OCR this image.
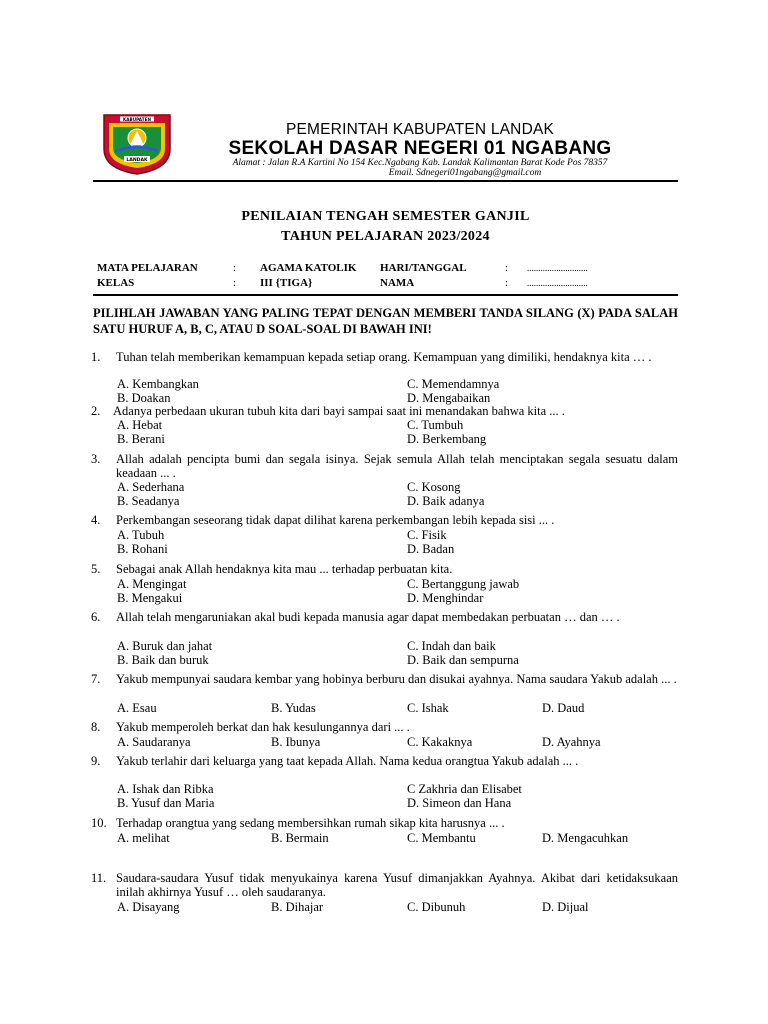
KABUPATEN
LANDAK
PEMERINTAH KABUPATEN LANDAK
SEKOLAH DASAR NEGERI 01 NGABANG
Alamat : Jalan R.A Kartini No 154 Kec.Ngabang Kab. Landak Kalimantan Barat Kode Pos 78357
Email. Sdnegeri01ngabang@gmail.com
PENILAIAN TENGAH SEMESTER GANJIL
TAHUN PELAJARAN 2023/2024
MATA PELAJARAN	: AGAMA KATOLIK HARI/TANGGAL	: ...........................
KELAS	: III {TIGA}	NAMA	: ...........................
PILIHLAH JAWABAN YANG PALING TEPAT DENGAN MEMBERI TANDA SILANG (X) PADA SALAH SATU HURUF A, B, C, ATAU D SOAL-SOAL DI BAWAH INI!
1. Tuhan telah memberikan kemampuan kepada setiap orang. Kemampuan yang dimiliki, hendaknya kita … .
A. Kembangkan	C. Memendamnya
B. Doakan	D. Mengabaikan
2. Adanya perbedaan ukuran tubuh kita dari bayi sampai saat ini menandakan bahwa kita ... .
A. Hebat	C. Tumbuh
B. Berani	D. Berkembang
3. Allah adalah pencipta bumi dan segala isinya. Sejak semula Allah telah menciptakan segala sesuatu dalam keadaan ... .
A. Sederhana	C. Kosong
B. Seadanya	D. Baik adanya
4. Perkembangan seseorang tidak dapat dilihat karena perkembangan lebih kepada sisi ... .
A. Tubuh	C. Fisik
B. Rohani	D. Badan
5. Sebagai anak Allah hendaknya kita mau ... terhadap perbuatan kita.
A. Mengingat	C. Bertanggung jawab
B. Mengakui	D. Menghindar
6. Allah telah mengaruniakan akal budi kepada manusia agar dapat membedakan perbuatan … dan … .
A. Buruk dan jahat	C. Indah dan baik
B. Baik dan buruk	D. Baik dan sempurna
7. Yakub mempunyai saudara kembar yang hobinya berburu dan disukai ayahnya. Nama saudara Yakub adalah ... .
A. Esau	B. Yudas	C. Ishak	D. Daud
8. Yakub memperoleh berkat dan hak kesulungannya dari ... .
A. Saudaranya	B. Ibunya	C. Kakaknya	D. Ayahnya
9. Yakub terlahir dari keluarga yang taat kepada Allah. Nama kedua orangtua Yakub adalah ... .
A. Ishak dan Ribka	C Zakhria dan Elisabet
B. Yusuf dan Maria	D. Simeon dan Hana
10. Terhadap orangtua yang sedang membersihkan rumah sikap kita harusnya ... .
A. melihat	B. Bermain	C. Membantu	D. Mengacuhkan
11. Saudara-saudara Yusuf tidak menyukainya karena Yusuf dimanjakkan Ayahnya. Akibat dari ketidaksukaan inilah akhirnya Yusuf … oleh saudaranya.
A. Disayang	B. Dihajar	C. Dibunuh	D. Dijual
